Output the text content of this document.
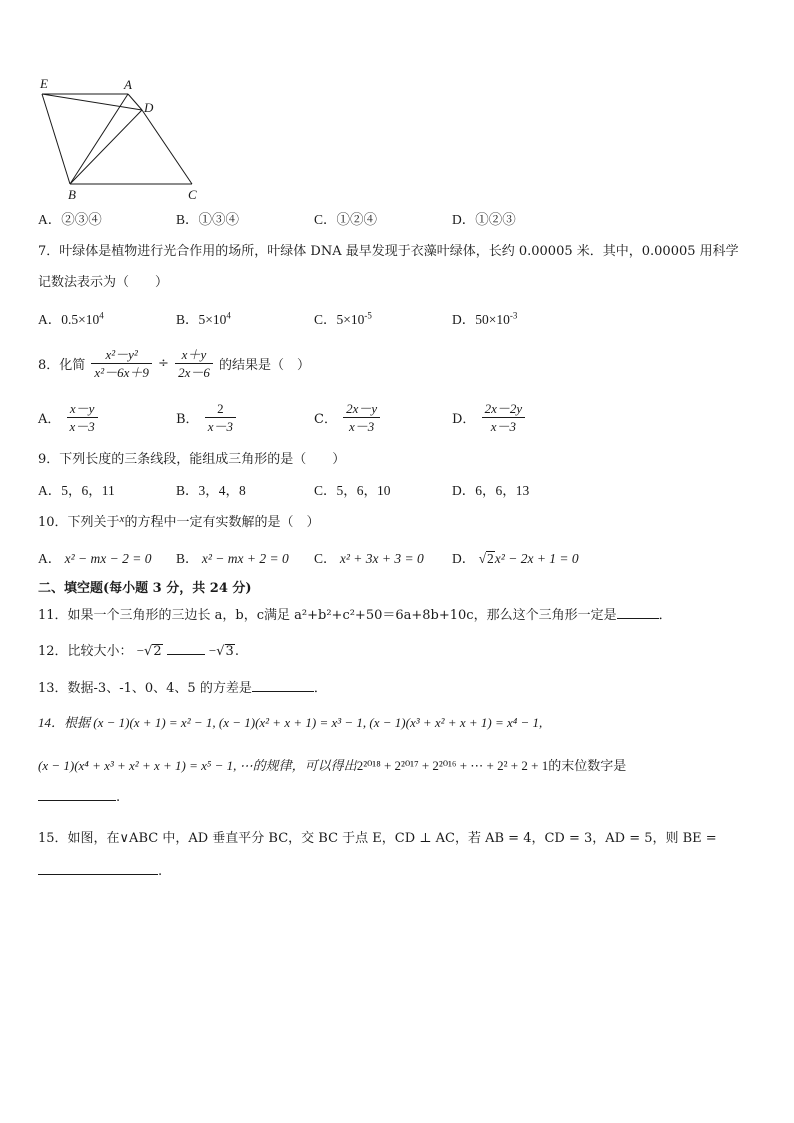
E	A
D
B	C
A．②③④	B．①③④	C．①②④	D．①②③
7．叶绿体是植物进行光合作用的场所，叶绿体 DNA 最早发现于衣藻叶绿体，长约 0.00005 米．其中，0.00005 用科学
记数法表示为（　　）
A．$0.5\times 10^4$	B．$5\times 10^4$	C．$5\times 10^{-5}$	D．$50\times 10^{-3}$
8．化简 $\frac{\text{x²－y²}}{\text{x²－6x＋9}} \div \frac{x+y}{2x-6}$ 的结果是（　）
A． $\frac{x-y}{x-3}$	B． $\frac{2}{x-3}$	C． $\frac{2x-y}{x-3}$	D． $\frac{2x-2y}{x-3}$
9．下列长度的三条线段，能组成三角形的是（　　）
A．5，6，11	B．3，4，8	C．5，6，10	D．6，6，13
10．下列关于$^x$的方程中一定有实数解的是（　）
A． x² − mx − 2 = 0 B． x² − mx + 2 = 0 C． x² + 3x + 3 = 0 D． √2x² − 2x + 1 = 0
二、填空题(每小题 3 分，共 24 分)
11．如果一个三角形的三边长 a，b，c满足 a²+b²+c²+50＝6a+8b+10c，那么这个三角形一定是	．
12．比较大小： −√2	−√3.
13．数据-3、-1、0、4、5 的方差是	．
14．根据 (x − 1)(x + 1) = x² − 1, (x − 1)(x² + x + 1) = x³ − 1, (x − 1)(x³ + x² + x + 1) = x⁴ − 1,
(x − 1)(x⁴ + x³ + x² + x + 1) = x⁵ − 1, ⋯的规律，可以得出2²⁰¹⁸ + 2²⁰¹⁷ + 2²⁰¹⁶ + ⋯ + 2² + 2 + 1的末位数字是
.
15．如图，在∨ABC 中，AD 垂直平分 BC，交 BC 于点 E，CD ⊥ AC，若 AB = 4，CD = 3，AD = 5，则 BE =
.
